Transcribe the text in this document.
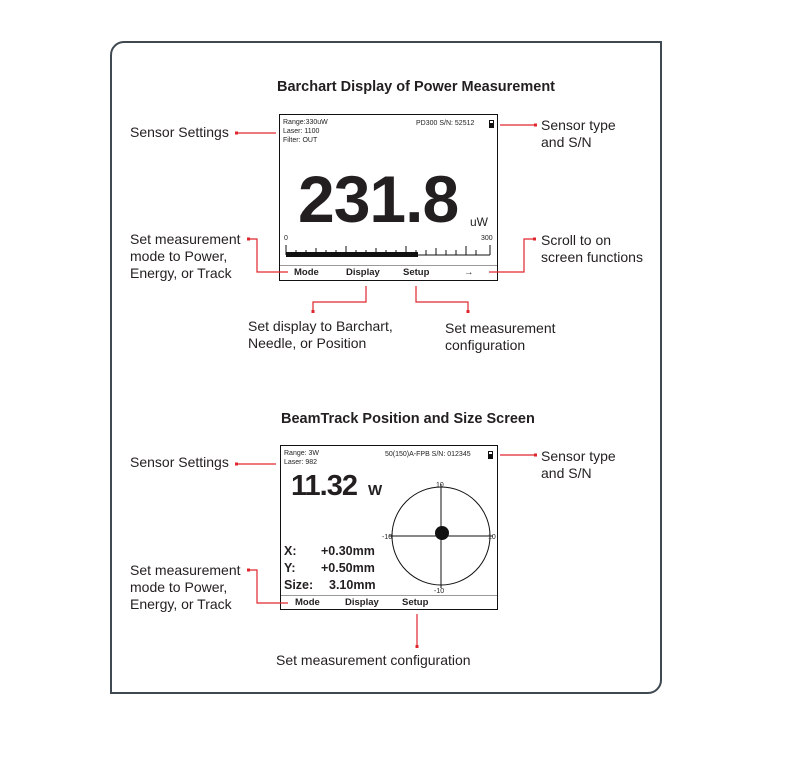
Barchart Display of Power Measurement
Range:330uW
Laser: 1100
Filter: OUT
PD300 S/N: 52512
231.8 uW
0	300
Mode	Display Setup	→
Sensor Settings	Sensor type
and S/N
Set measurement
mode to Power,
Energy, or Track
Scroll to on
screen functions
Set display to Barchart,
Needle, or Position
Set measurement
configuration
BeamTrack Position and Size Screen
Range: 3W
Laser: 982
50(150)A-FPB S/N: 012345
11.32 W
X: +0.30mm
Y: +0.50mm
Size: 3.10mm
10
-10
-10	10
Mode	Display Setup
Sensor Settings	Sensor type
and S/N
Set measurement
mode to Power,
Energy, or Track
Set measurement configuration
